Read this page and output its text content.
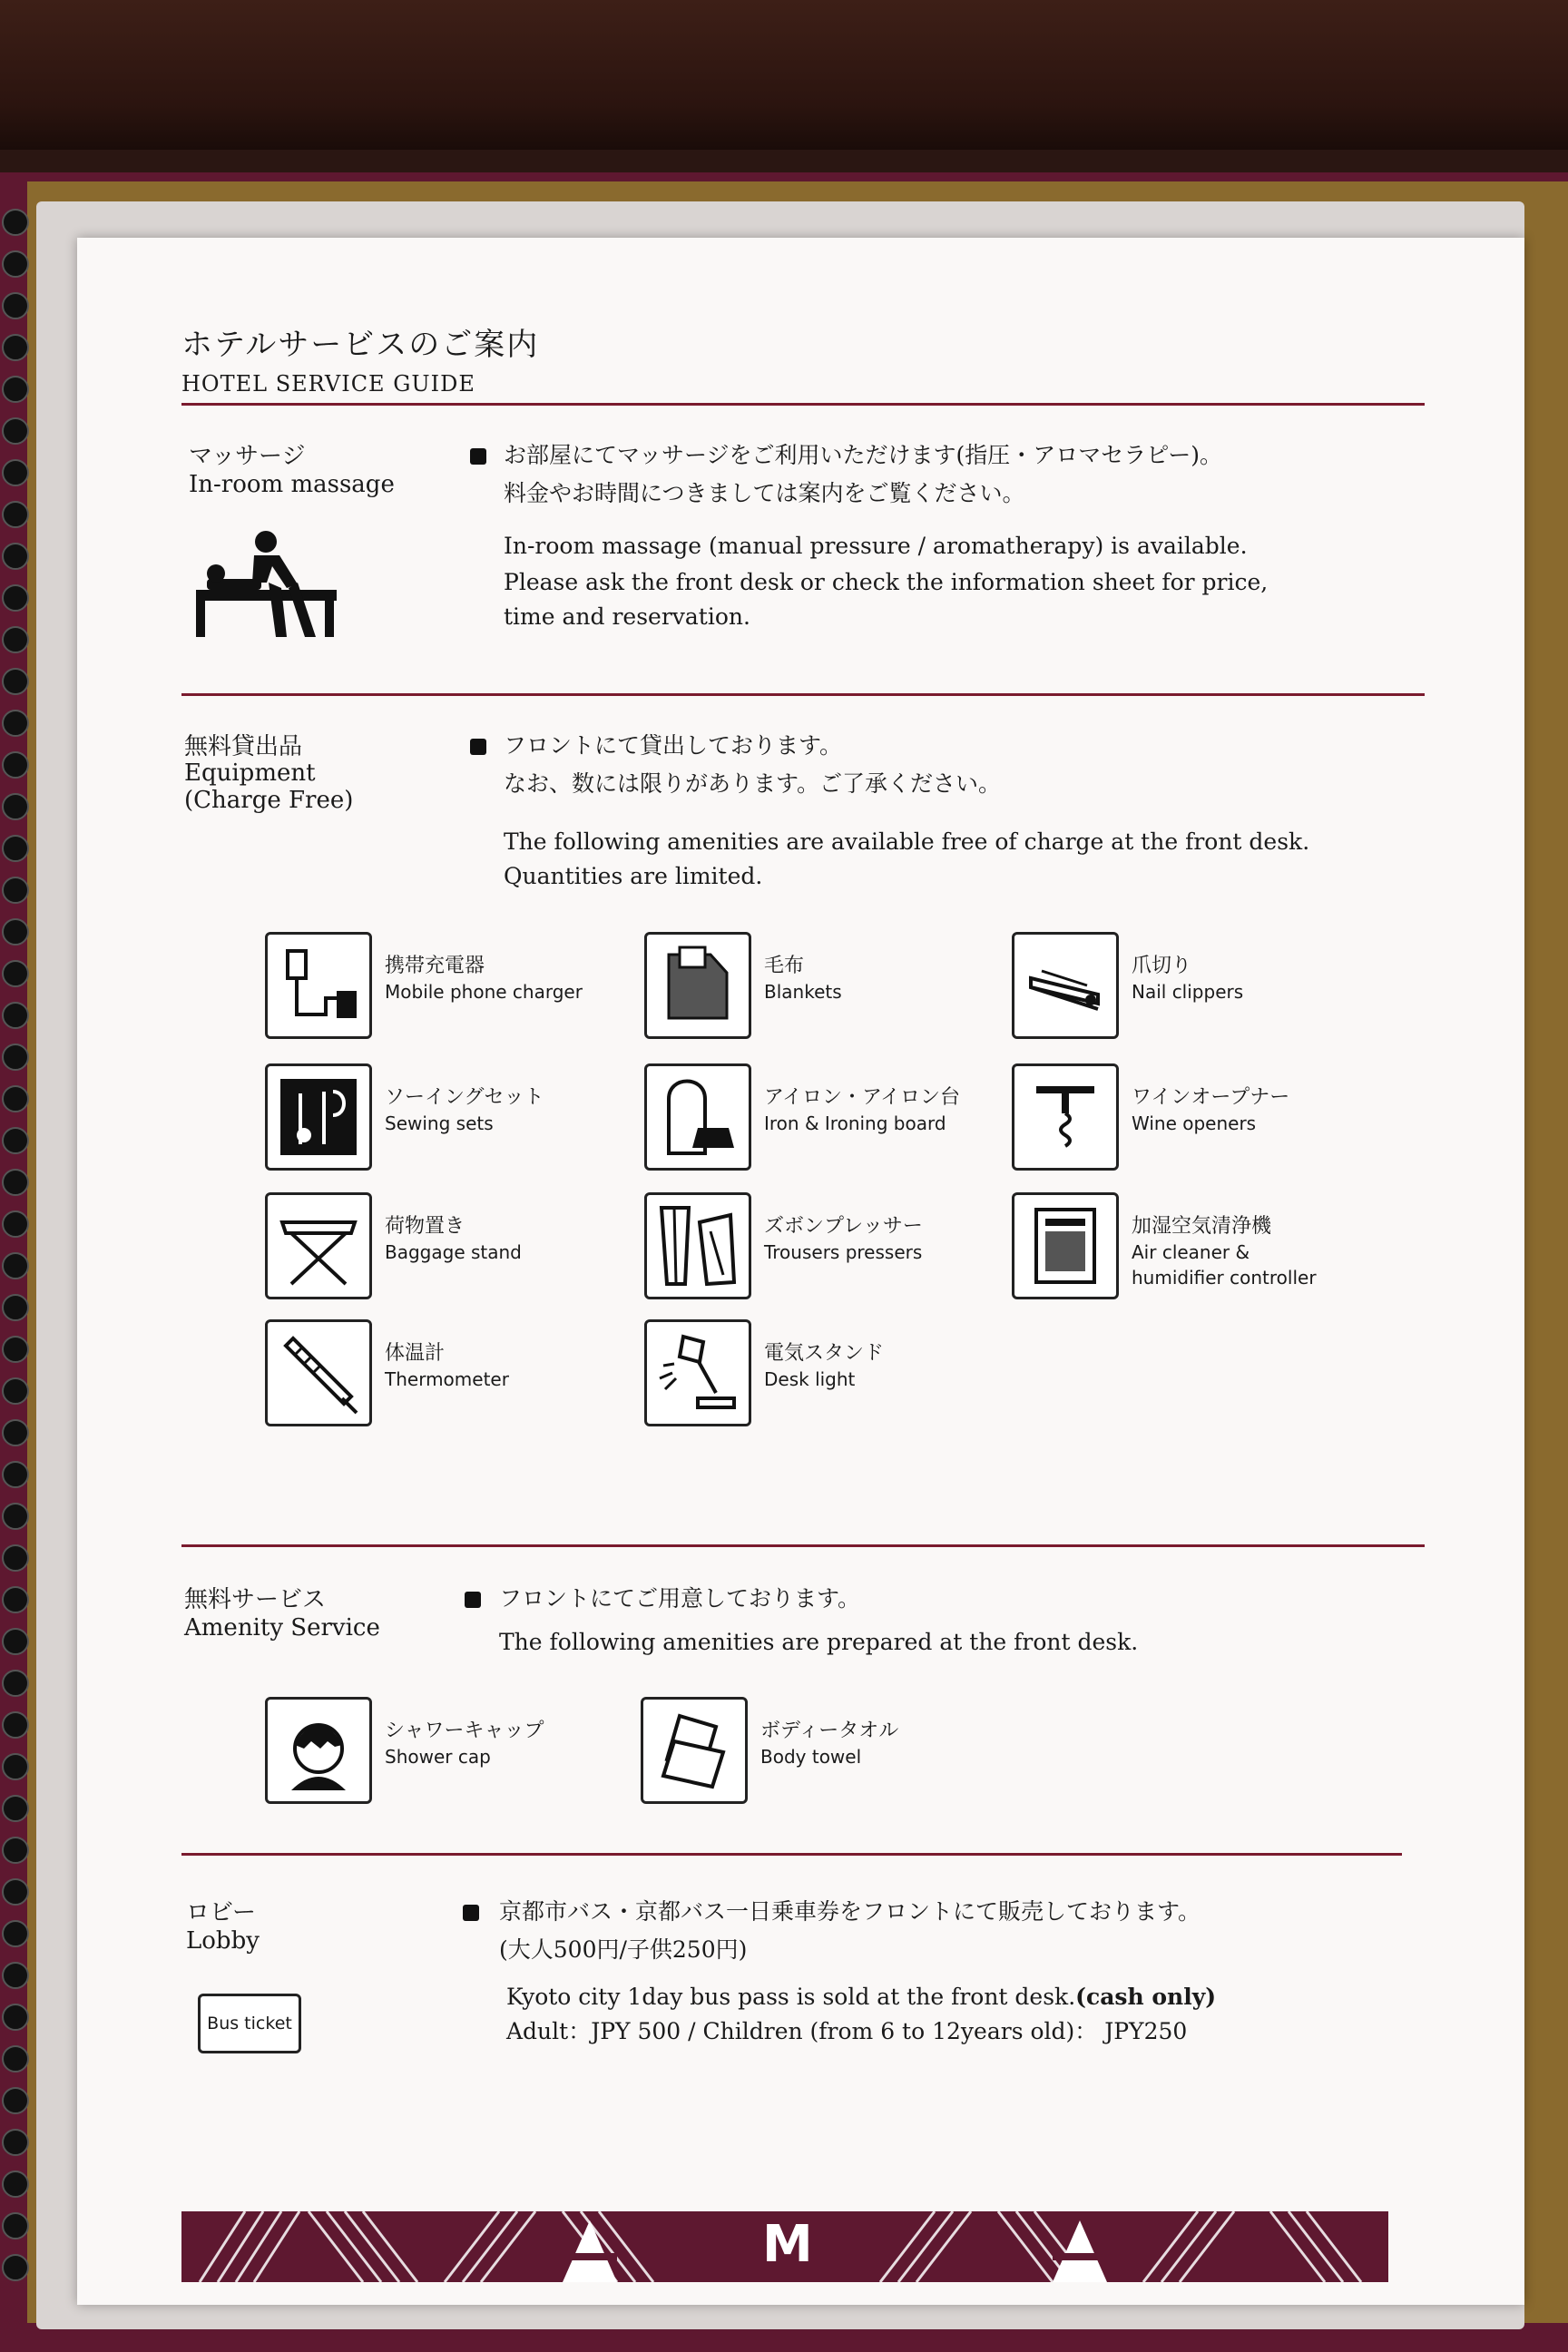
ホテルサービスのご案内
HOTEL SERVICE GUIDE
マッサージ
In-room massage
お部屋にてマッサージをご利用いただけます(指圧・アロマセラピー)。
料金やお時間につきましては案内をご覧ください。
In-room massage (manual pressure / aromatherapy) is available.
Please ask the front desk or check the information sheet for price,
time and reservation.
無料貸出品
Equipment
(Charge Free)
フロントにて貸出しております。
なお、数には限りがあります。ご了承ください。
The following amenities are available free of charge at the front desk.
Quantities are limited.
携帯充電器
Mobile phone charger
毛布
Blankets
爪切り
Nail clippers
ソーイングセット
Sewing sets
アイロン・アイロン台
Iron & Ironing board
ワインオープナー
Wine openers
荷物置き
Baggage stand
ズボンプレッサー
Trousers pressers
加湿空気清浄機
Air cleaner &
humidifier controller
体温計
Thermometer
電気スタンド
Desk light
無料サービス
Amenity Service
フロントにてご用意しております。
The following amenities are prepared at the front desk.
シャワーキャップ
Shower cap
ボディータオル
Body towel
ロビー
Lobby
Bus ticket
京都市バス・京都バス一日乗車券をフロントにて販売しております。
(大人500円/子供250円)
Kyoto city 1day bus pass is sold at the front desk.(cash only)
Adult：JPY 500 / Children (from 6 to 12years old)： JPY250
M
